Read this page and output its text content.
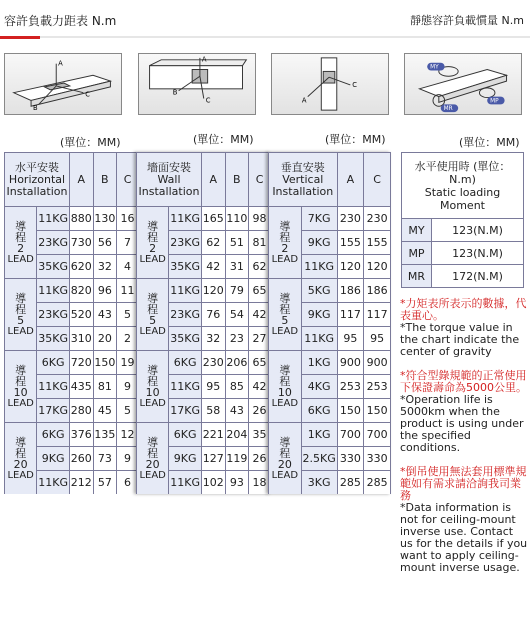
容許負載力距表 N.m	靜態容許負載慣量 N.m
A
C
B
A
B
C	A
C
MY
MP
MR
(單位：MM)	(單位：MM)	(單位：MM)	(單位：MM)
水平安裝
Horizontal Installation		A	B	C
導程
2
LEAD	11KG	880	130	16
	23KG	730	56	7
	35KG	620	32	4
導程
5
LEAD	11KG	820	96	11
	23KG	520	43	5
	35KG	310	20	2
導程
10
LEAD	6KG	720	150	19
	11KG	435	81	9
	17KG	280	45	5
導程
20
LEAD	6KG	376	135	12
	9KG	260	73	9
	11KG	212	57	6
墻面安裝
Wall Installation		A	B	C
導程
2
LEAD	11KG	165	110	98
	23KG	62	51	81
	35KG	42	31	62
導程
5
LEAD	11KG	120	79	65
	23KG	76	54	42
	35KG	32	23	27
導程
10
LEAD	6KG	230	206	65
	11KG	95	85	42
	17KG	58	43	26
導程
20
LEAD	6KG	221	204	35
	9KG	127	119	26
	11KG	102	93	18
垂直安裝
Vertical Installation		A	C
導程
2
LEAD	7KG	230	230
	9KG	155	155
	11KG	120	120
導程
5
LEAD	5KG	186	186
	9KG	117	117
	11KG	95	95
導程
10
LEAD	1KG	900	900
	4KG	253	253
	6KG	150	150
導程
20
LEAD	1KG	700	700
	2.5KG	330	330
	3KG	285	285
水平使用時 (單位：
N.m)
Static loading
Moment	

MY	123(N.M)
MP	123(N.M)
MR	172(N.M)

*力矩表所表示的數據，代表重心。

*The torque value in the chart indicate the center of gravity

*符合型錄規範的正常使用下保證壽命為5000公里。

*Operation life is 5000km when the product is using under the specified conditions.

*倒吊使用無法套用標準規範如有需求請洽詢我司業務

*Data information is not for ceiling-mount inverse use. Contact us for the details if you want to apply ceiling-mount inverse usage.
